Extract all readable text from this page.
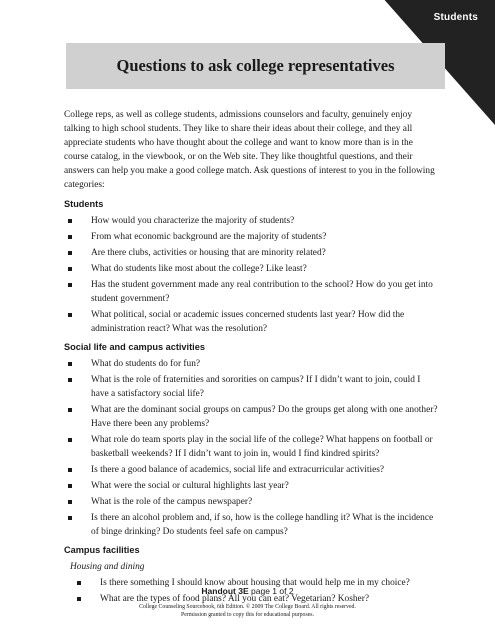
Students
Questions to ask college representatives

College reps, as well as college students, admissions counselors and faculty, genuinely enjoy talking to high school students. They like to share their ideas about their college, and they all appreciate students who have thought about the college and want to know more than is in the course catalog, in the viewbook, or on the Web site. They like thoughtful questions, and their answers can help you make a good college match. Ask questions of interest to you in the following categories:

Students
How would you characterize the majority of students?
From what economic background are the majority of students?
Are there clubs, activities or housing that are minority related?
What do students like most about the college? Like least?
Has the student government made any real contribution to the school? How do you get into student government?
What political, social or academic issues concerned students last year? How did the administration react? What was the resolution?
Social life and campus activities
What do students do for fun?
What is the role of fraternities and sororities on campus? If I didn’t want to join, could I have a satisfactory social life?
What are the dominant social groups on campus? Do the groups get along with one another? Have there been any problems?
What role do team sports play in the social life of the college? What happens on football or basketball weekends? If I didn’t want to join in, would I find kindred spirits?
Is there a good balance of academics, social life and extracurricular activities?
What were the social or cultural highlights last year?
What is the role of the campus newspaper?
Is there an alcohol problem and, if so, how is the college handling it? What is the incidence of binge drinking? Do students feel safe on campus?
Campus facilities
Housing and dining
Is there something I should know about housing that would help me in my choice?
What are the types of food plans? All you can eat? Vegetarian? Kosher?
Handout 3E page 1 of 2
College Counseling Sourcebook, 6th Edition. © 2009 The College Board. All rights reserved.
Permission granted to copy this for educational purposes.
